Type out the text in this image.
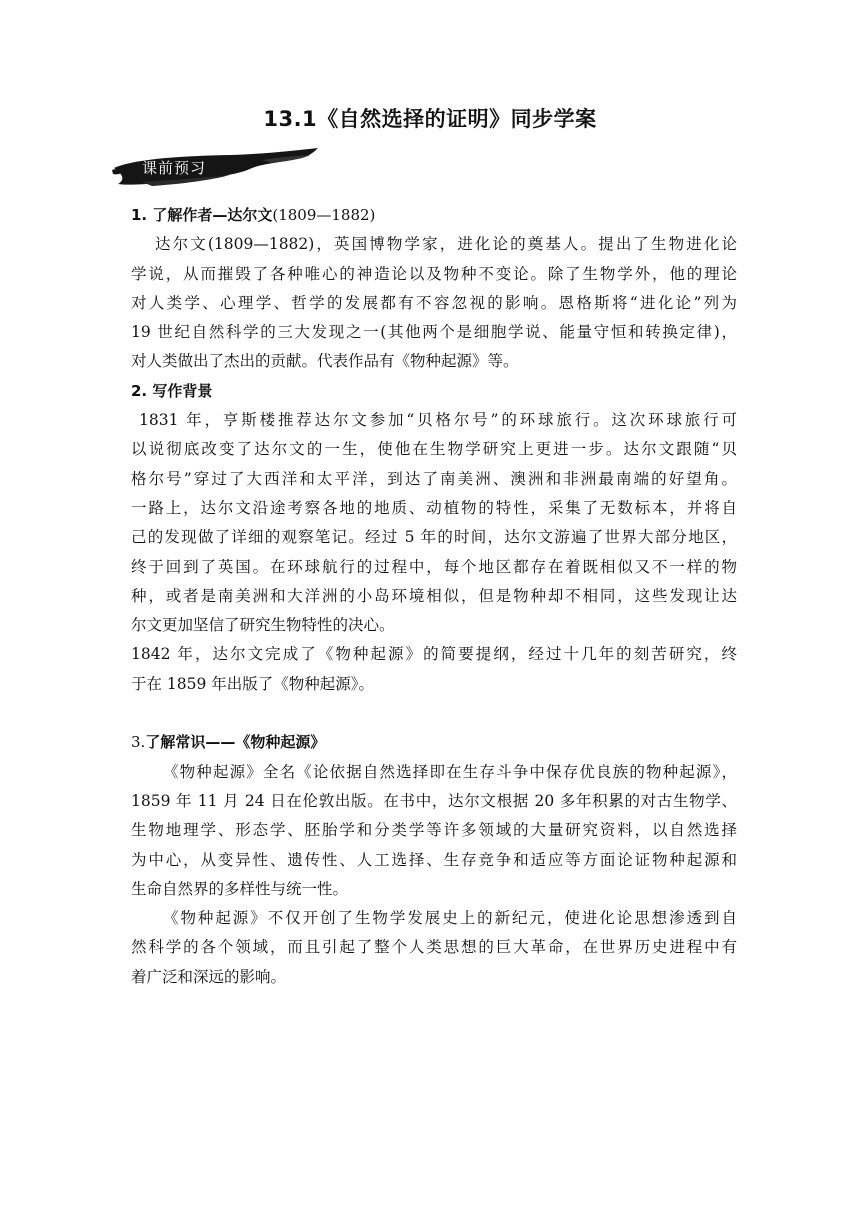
13.1《自然选择的证明》同步学案
课前预习
1. 了解作者—达尔文(1809—1882)
达尔文(1809—1882)，英国博物学家，进化论的奠基人。提出了生物进化论
学说，从而摧毁了各种唯心的神造论以及物种不变论。除了生物学外，他的理论
对人类学、心理学、哲学的发展都有不容忽视的影响。恩格斯将“进化论”列为
19 世纪自然科学的三大发现之一(其他两个是细胞学说、能量守恒和转换定律)，
对人类做出了杰出的贡献。代表作品有《物种起源》等。
2. 写作背景
1831 年，亨斯楼推荐达尔文参加“贝格尔号”的环球旅行。这次环球旅行可
以说彻底改变了达尔文的一生，使他在生物学研究上更进一步。达尔文跟随“贝
格尔号”穿过了大西洋和太平洋，到达了南美洲、澳洲和非洲最南端的好望角。
一路上，达尔文沿途考察各地的地质、动植物的特性，采集了无数标本，并将自
己的发现做了详细的观察笔记。经过 5 年的时间，达尔文游遍了世界大部分地区，
终于回到了英国。在环球航行的过程中，每个地区都存在着既相似又不一样的物
种，或者是南美洲和大洋洲的小岛环境相似，但是物种却不相同，这些发现让达
尔文更加坚信了研究生物特性的决心。
1842 年，达尔文完成了《物种起源》的简要提纲，经过十几年的刻苦研究，终
于在 1859 年出版了《物种起源》。
3.了解常识——《物种起源》
《物种起源》全名《论依据自然选择即在生存斗争中保存优良族的物种起源》，
1859 年 11 月 24 日在伦敦出版。在书中，达尔文根据 20 多年积累的对古生物学、
生物地理学、形态学、胚胎学和分类学等许多领域的大量研究资料，以自然选择
为中心，从变异性、遗传性、人工选择、生存竞争和适应等方面论证物种起源和
生命自然界的多样性与统一性。
《物种起源》不仅开创了生物学发展史上的新纪元，使进化论思想渗透到自
然科学的各个领域，而且引起了整个人类思想的巨大革命，在世界历史进程中有
着广泛和深远的影响。
